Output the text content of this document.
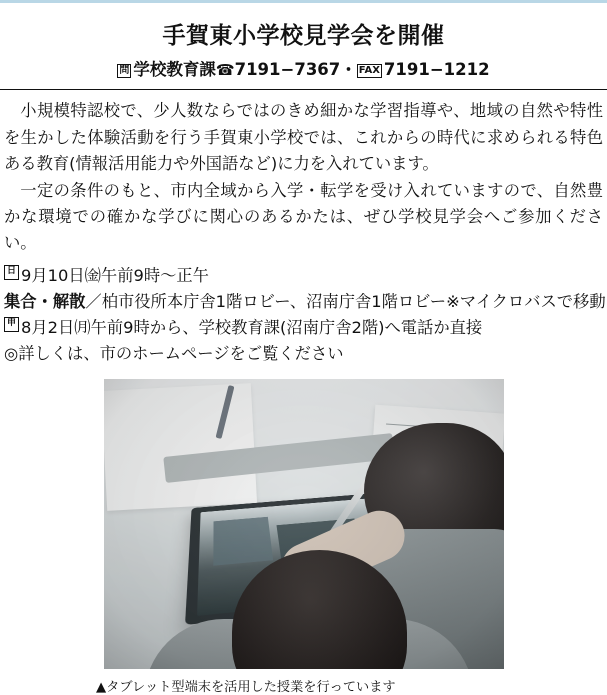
手賀東小学校見学会を開催
問 学校教育課☎7191−7367・ FAX 7191−1212

小規模特認校で、少人数ならではのきめ細かな学習指導や、地域の自然や特性を生かした体験活動を行う手賀東小学校では、これからの時代に求められる特色ある教育(情報活用能力や外国語など)に力を入れています。

一定の条件のもと、市内全域から入学・転学を受け入れていますので、自然豊かな環境での確かな学びに関心のあるかたは、ぜひ学校見学会へご参加ください。

日 9月10日㈮午前9時〜正午
集合・解散／柏市役所本庁舎1階ロビー、沼南庁舎1階ロビー※マイクロバスで移動
申 8月2日㈪午前9時から、学校教育課(沼南庁舎2階)へ電話か直接
◎詳しくは、市のホームページをご覧ください
▲タブレット型端末を活用した授業を行っています
